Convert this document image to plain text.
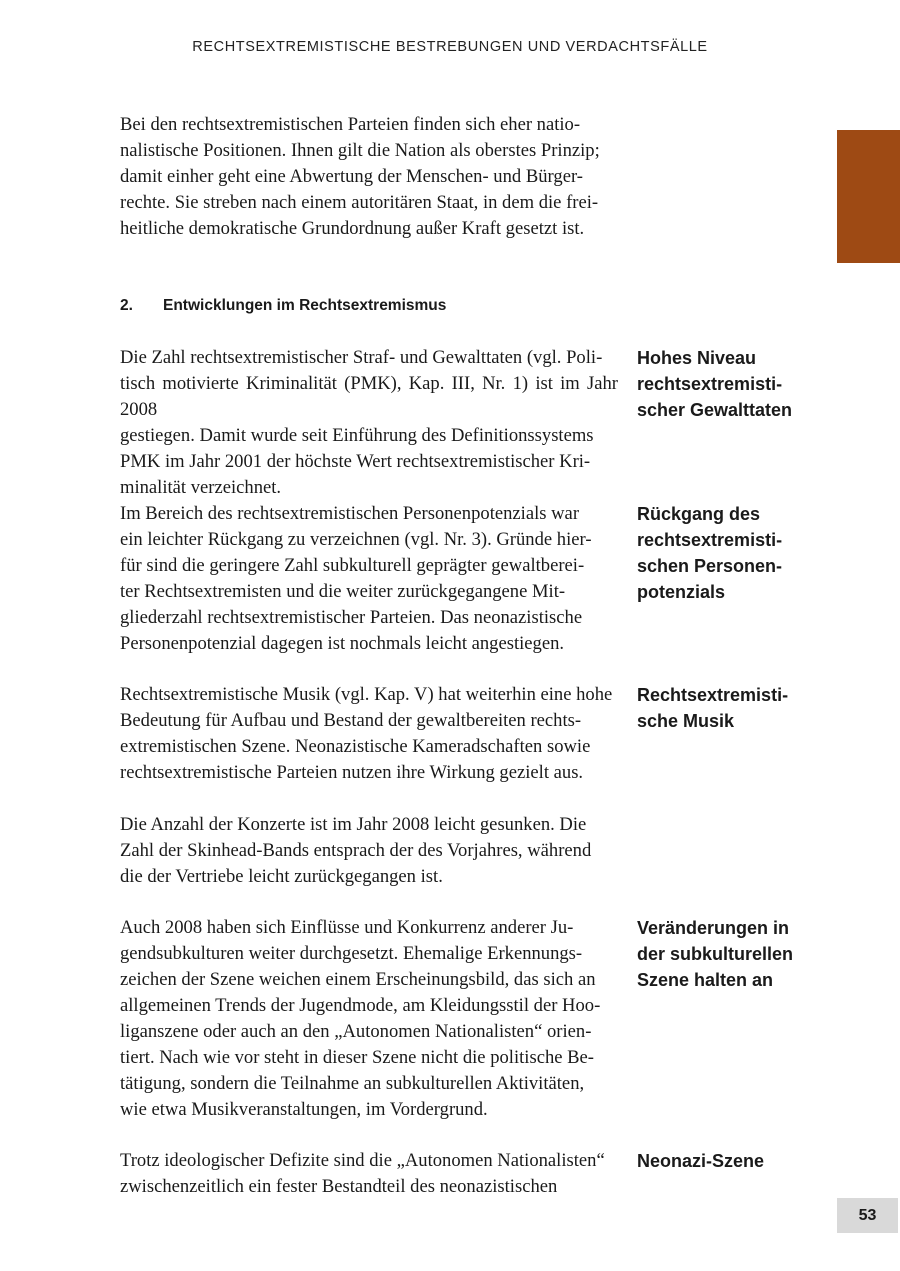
RECHTSEXTREMISTISCHE BESTREBUNGEN UND VERDACHTSFÄLLE

Bei den rechtsextremistischen Parteien finden sich eher natio-
nalistische Positionen. Ihnen gilt die Nation als oberstes Prinzip;
damit einher geht eine Abwertung der Menschen- und Bürger-
rechte. Sie streben nach einem autoritären Staat, in dem die frei-
heitliche demokratische Grundordnung außer Kraft gesetzt ist.

2. Entwicklungen im Rechtsextremismus

Die Zahl rechtsextremistischer Straf- und Gewalttaten (vgl. Poli-
tisch motivierte Kriminalität (PMK), Kap. III, Nr. 1) ist im Jahr 2008
gestiegen. Damit wurde seit Einführung des Definitionssystems
PMK im Jahr 2001 der höchste Wert rechtsextremistischer Kri-
minalität verzeichnet.

Im Bereich des rechtsextremistischen Personenpotenzials war
ein leichter Rückgang zu verzeichnen (vgl. Nr. 3). Gründe hier-
für sind die geringere Zahl subkulturell geprägter gewaltberei-
ter Rechtsextremisten und die weiter zurückgegangene Mit-
gliederzahl rechtsextremistischer Parteien. Das neonazistische
Personenpotenzial dagegen ist nochmals leicht angestiegen.

Rechtsextremistische Musik (vgl. Kap. V) hat weiterhin eine hohe
Bedeutung für Aufbau und Bestand der gewaltbereiten rechts-
extremistischen Szene. Neonazistische Kameradschaften sowie
rechtsextremistische Parteien nutzen ihre Wirkung gezielt aus.

Die Anzahl der Konzerte ist im Jahr 2008 leicht gesunken. Die
Zahl der Skinhead-Bands entsprach der des Vorjahres, während
die der Vertriebe leicht zurückgegangen ist.

Auch 2008 haben sich Einflüsse und Konkurrenz anderer Ju-
gendsubkulturen weiter durchgesetzt. Ehemalige Erkennungs-
zeichen der Szene weichen einem Erscheinungsbild, das sich an
allgemeinen Trends der Jugendmode, am Kleidungsstil der Hoo-
liganszene oder auch an den „Autonomen Nationalisten“ orien-
tiert. Nach wie vor steht in dieser Szene nicht die politische Be-
tätigung, sondern die Teilnahme an subkulturellen Aktivitäten,
wie etwa Musikveranstaltungen, im Vordergrund.

Trotz ideologischer Defizite sind die „Autonomen Nationalisten“
zwischenzeitlich ein fester Bestandteil des neonazistischen

Hohes Niveau
rechtsextremisti-
scher Gewalttaten

Rückgang des
rechtsextremisti-
schen Personen-
potenzials

Rechtsextremisti-
sche Musik

Veränderungen in
der subkulturellen
Szene halten an

Neonazi-Szene

53
